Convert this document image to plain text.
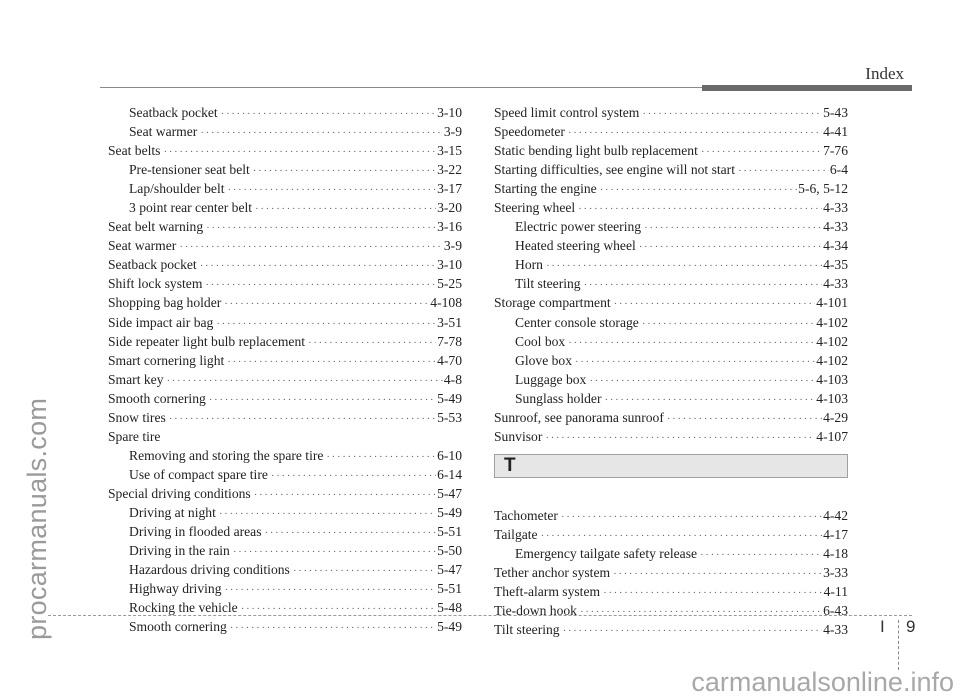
procarmanuals.com
Index
Seatback pocket ·····	3-10
Seat warmer ·····	3-9
Seat belts ·····	3-15
Pre-tensioner seat belt ·····	3-22
Lap/shoulder belt ·····	3-17
3 point rear center belt ·····	3-20
Seat belt warning ·····	3-16
Seat warmer ·····	3-9
Seatback pocket ·····	3-10
Shift lock system ·····	5-25
Shopping bag holder ·····	4-108
Side impact air bag ·····	3-51
Side repeater light bulb replacement ·····	7-78
Smart cornering light ·····	4-70
Smart key ·····	4-8
Smooth cornering ·····	5-49
Snow tires ·····	5-53
Spare tire
Removing and storing the spare tire ·····	6-10
Use of compact spare tire ·····	6-14
Special driving conditions ·····	5-47
Driving at night ·····	5-49
Driving in flooded areas ·····	5-51
Driving in the rain ·····	5-50
Hazardous driving conditions ·····	5-47
Highway driving ·····	5-51
Rocking the vehicle ·····	5-48
Smooth cornering ·····	5-49
Speed limit control system ·····	5-43
Speedometer ·····	4-41
Static bending light bulb replacement ·····	7-76
Starting difficulties, see engine will not start ·····	6-4
Starting the engine ·····	5-6, 5-12
Steering wheel ·····	4-33
Electric power steering ·····	4-33
Heated steering wheel ·····	4-34
Horn ·····	4-35
Tilt steering ·····	4-33
Storage compartment ·····	4-101
Center console storage ·····	4-102
Cool box ·····	4-102
Glove box ·····	4-102
Luggage box ·····	4-103
Sunglass holder ·····	4-103
Sunroof, see panorama sunroof ·····	4-29
Sunvisor ·····	4-107
T
Tachometer ·····	4-42
Tailgate ·····	4-17
Emergency tailgate safety release ·····	4-18
Tether anchor system ·····	3-33
Theft-alarm system ·····	4-11
Tie-down hook ·····	6-43
Tilt steering ·····	4-33 I 9
carmanualsonline.info
